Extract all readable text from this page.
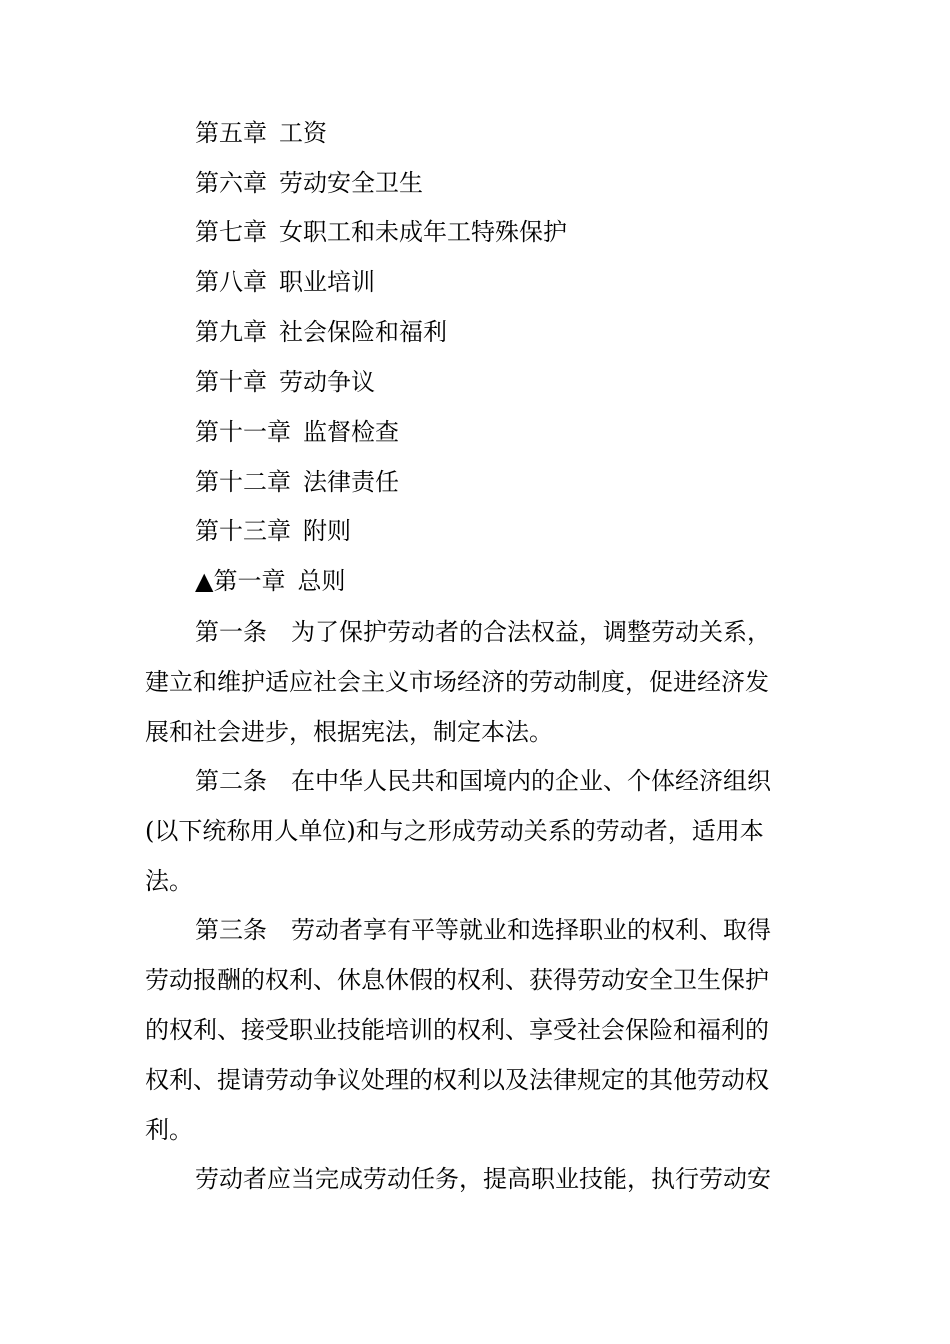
第五章 工资
第六章 劳动安全卫生
第七章 女职工和未成年工特殊保护
第八章 职业培训
第九章 社会保险和福利
第十章 劳动争议
第十一章 监督检查
第十二章 法律责任
第十三章 附则
▲第一章 总则
第一条 为了保护劳动者的合法权益，调整劳动关系，
建立和维护适应社会主义市场经济的劳动制度，促进经济发
展和社会进步，根据宪法，制定本法。
第二条 在中华人民共和国境内的企业、个体经济组织
(以下统称用人单位)和与之形成劳动关系的劳动者，适用本
法。
第三条 劳动者享有平等就业和选择职业的权利、取得
劳动报酬的权利、休息休假的权利、获得劳动安全卫生保护
的权利、接受职业技能培训的权利、享受社会保险和福利的
权利、提请劳动争议处理的权利以及法律规定的其他劳动权
利。
劳动者应当完成劳动任务，提高职业技能，执行劳动安
